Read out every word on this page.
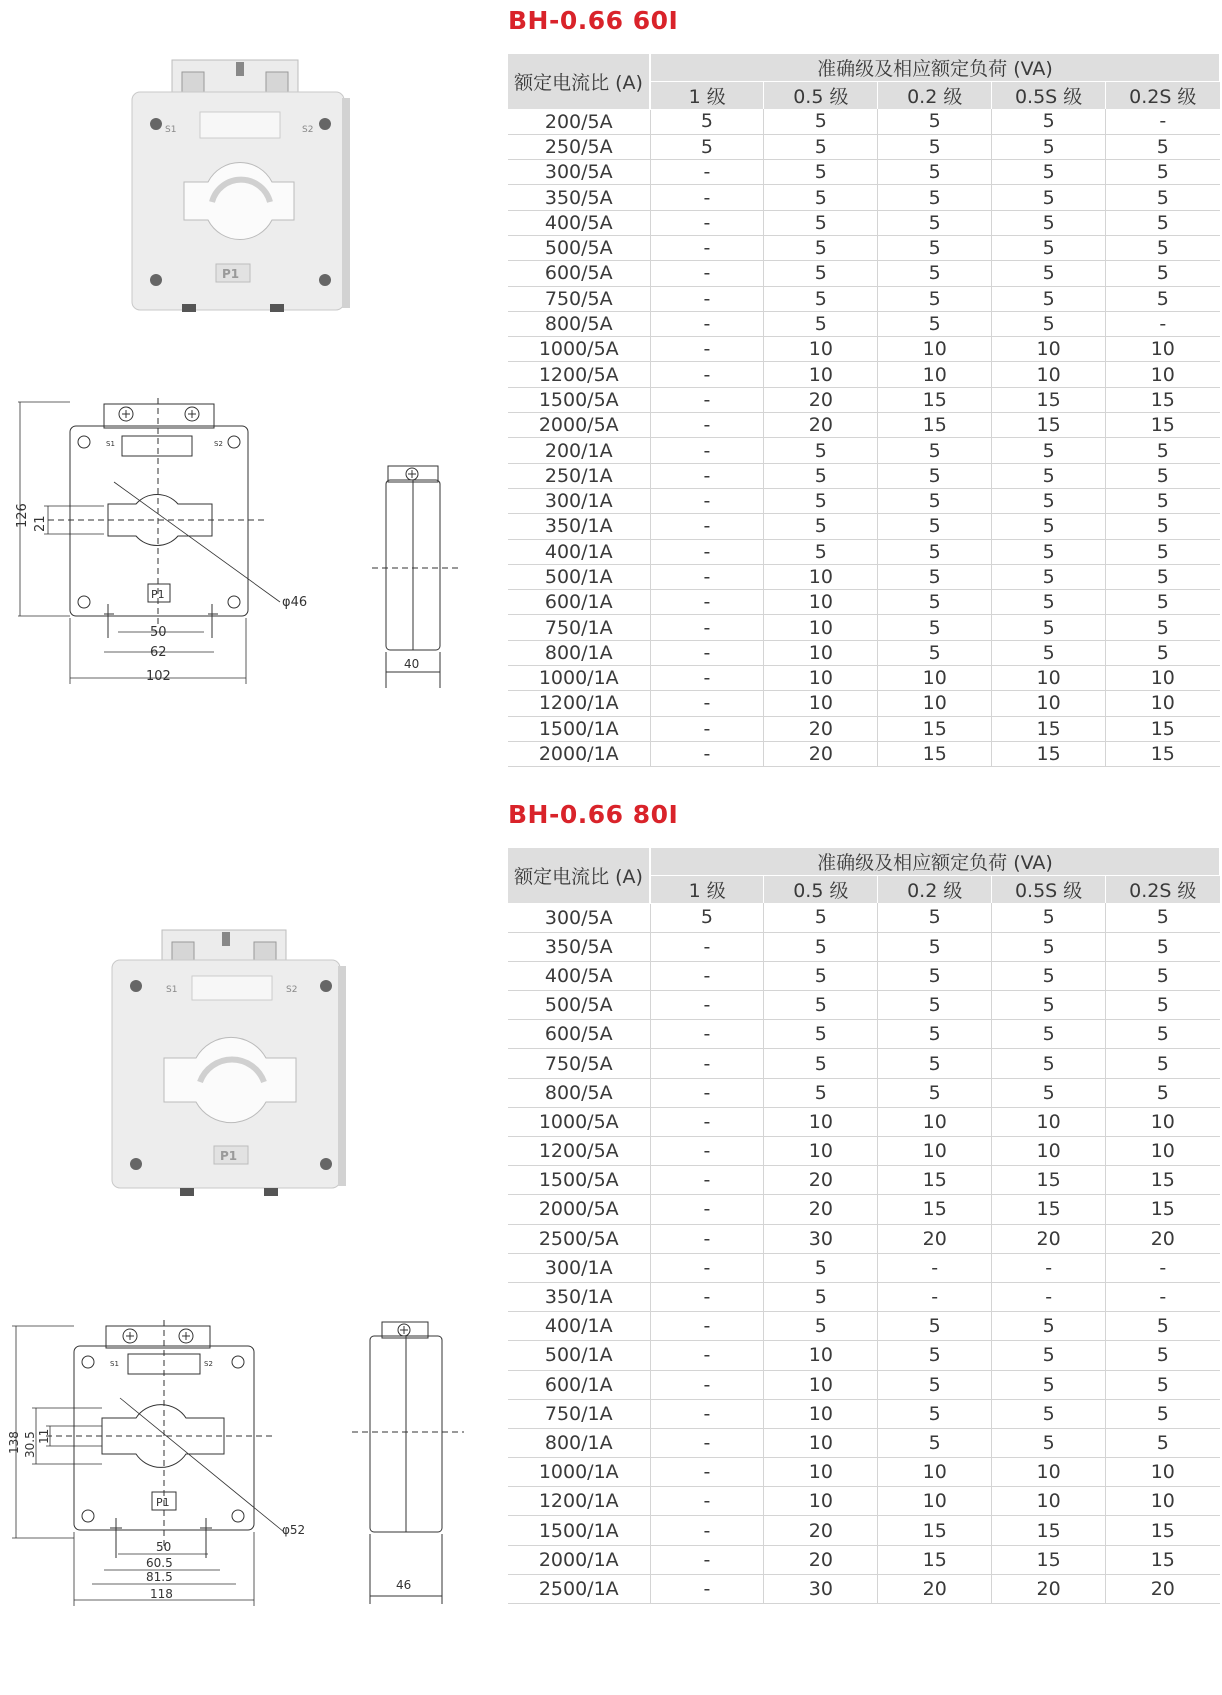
BH-0.66 60I
额定电流比 (A)	准确级及相应额定负荷 (VA)				
	1 级	0.5 级	0.2 级	0.5S 级	0.2S 级
200/5A	5	5	5	5	-
250/5A	5	5	5	5	5
300/5A	-	5	5	5	5
350/5A	-	5	5	5	5
400/5A	-	5	5	5	5
500/5A	-	5	5	5	5
600/5A	-	5	5	5	5
750/5A	-	5	5	5	5
800/5A	-	5	5	5	-
1000/5A	-	10	10	10	10
1200/5A	-	10	10	10	10
1500/5A	-	20	15	15	15
2000/5A	-	20	15	15	15
200/1A	-	5	5	5	5
250/1A	-	5	5	5	5
300/1A	-	5	5	5	5
350/1A	-	5	5	5	5
400/1A	-	5	5	5	5
500/1A	-	10	5	5	5
600/1A	-	10	5	5	5
750/1A	-	10	5	5	5
800/1A	-	10	5	5	5
1000/1A	-	10	10	10	10
1200/1A	-	10	10	10	10
1500/1A	-	20	15	15	15
2000/1A	-	20	15	15	15
BH-0.66 80I
额定电流比 (A)	准确级及相应额定负荷 (VA)				
	1 级	0.5 级	0.2 级	0.5S 级	0.2S 级
300/5A	5	5	5	5	5
350/5A	-	5	5	5	5
400/5A	-	5	5	5	5
500/5A	-	5	5	5	5
600/5A	-	5	5	5	5
750/5A	-	5	5	5	5
800/5A	-	5	5	5	5
1000/5A	-	10	10	10	10
1200/5A	-	10	10	10	10
1500/5A	-	20	15	15	15
2000/5A	-	20	15	15	15
2500/5A	-	30	20	20	20
300/1A	-	5	-	-	-
350/1A	-	5	-	-	-
400/1A	-	5	5	5	5
500/1A	-	10	5	5	5
600/1A	-	10	5	5	5
750/1A	-	10	5	5	5
800/1A	-	10	5	5	5
1000/1A	-	10	10	10	10
1200/1A	-	10	10	10	10
1500/1A	-	20	15	15	15
2000/1A	-	20	15	15	15
2500/1A	-	30	20	20	20
S1	S2
P1
126 21
50
62
102
φ46
P1
S1	S2
40
S1	S2
P1
138 30.5 11
50
60.5
81.5
118
φ52
P1
S1	S2
46
